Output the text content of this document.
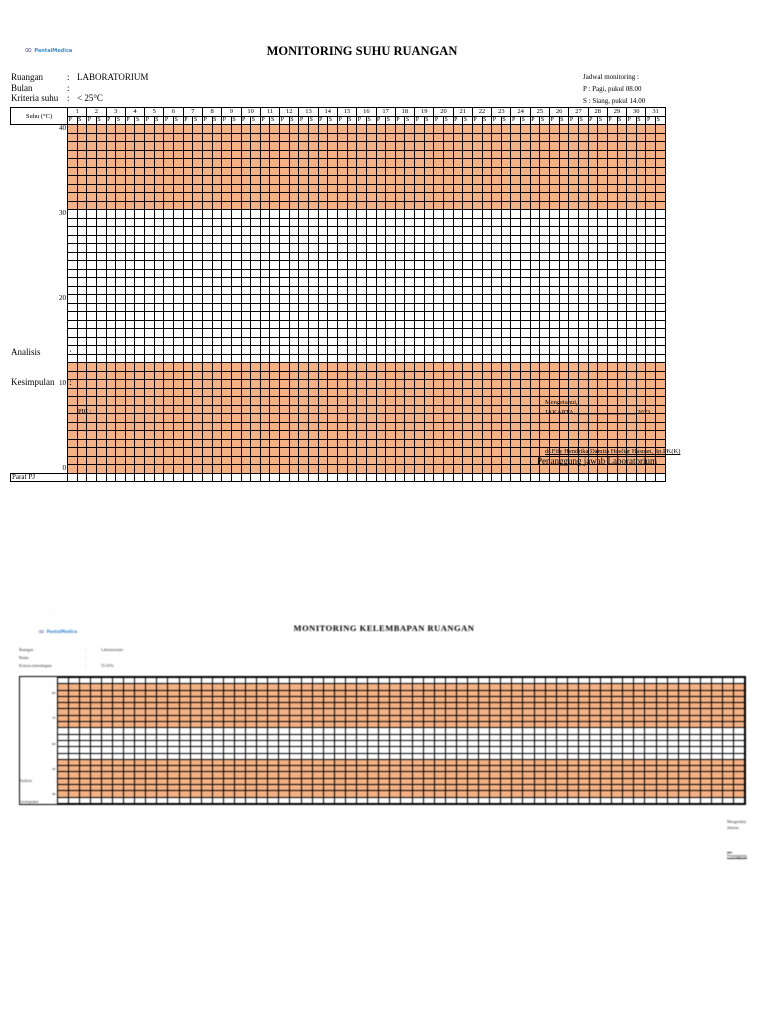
∞ PantaiMedica	MONITORING SUHU RUANGAN
Ruangan	: LABORATORIUM
Bulan	:
Kriteria suhu : < 25°C
Jadwal monitoring :
P : Pagi, pukul 08.00
S : Siang, pukul 14.00
Suhu (°C)	1		2		3		4		5		6		7		8		9		10		11		12		13		14		15		16		17		18		19		20		21		22		23		24		25		26		27		28		29		30		31	
	P	S	P	S	P	S	P	S	P	S	P	S	P	S	P	S	P	S	P	S	P	S	P	S	P	S	P	S	P	S	P	S	P	S	P	S	P	S	P	S	P	S	P	S	P	S	P	S	P	S	P	S	P	S	P	S	P	S	P	S	P	S
40																																																														

30																																																														

20																																																														

10																																																														

0																																																														
Paraf PJ																																																														
Analisis	:
Kesimpulan :
PIC :
Mengetahui,
JAKARTA, __________________ 2023
dr.Fify Hendrika Damita Hosfiar Hasnan, Sp.PK(K)
Penanggung jawab Laboratorium
·
∞ PantaiMedica	MONITORING KELEMBAPAN RUANGAN
Ruangan	:	Laboratorium
Bulan	:
Kriteria kelembapan	:	55-65%

80																																																														

70																																																														

60																																																														

50																																																														

40																																																														

Analisis	:
Kesimpulan	:
Mengetahui
Jakarta,

Penanggung
